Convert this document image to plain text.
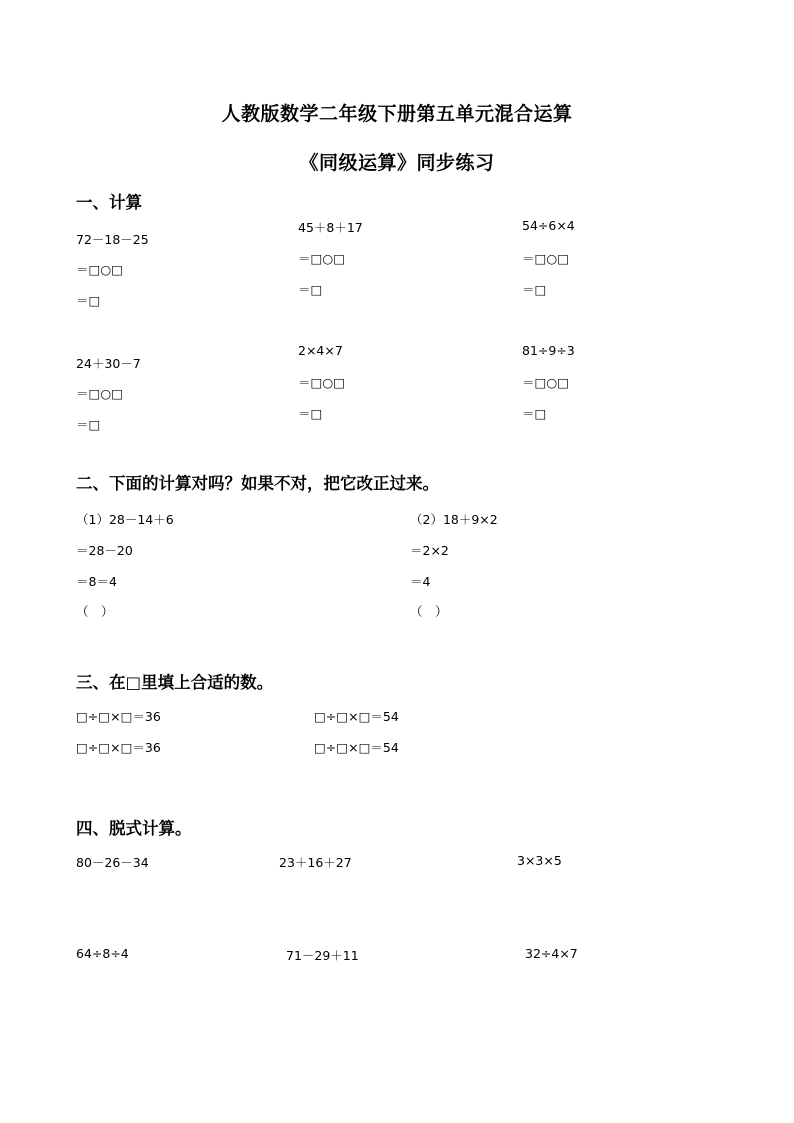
人教版数学二年级下册第五单元混合运算
《同级运算》同步练习
一、计算
72－18－25
＝□○□
＝□
45＋8＋17
＝□○□
＝□
54÷6×4
＝□○□
＝□
24＋30－7
＝□○□
＝□
2×4×7
＝□○□
＝□
81÷9÷3
＝□○□
＝□
二、下面的计算对吗？如果不对，把它改正过来。
（1）28－14＋6
＝28－20
＝8＝4
（　）
（2）18＋9×2
＝2×2
＝4
（　）
三、在□里填上合适的数。
□÷□×□＝36	□÷□×□＝54
□÷□×□＝36	□÷□×□＝54
四、脱式计算。
80－26－34	23＋16＋27	3×3×5
64÷8÷4	71－29＋11	32÷4×7
